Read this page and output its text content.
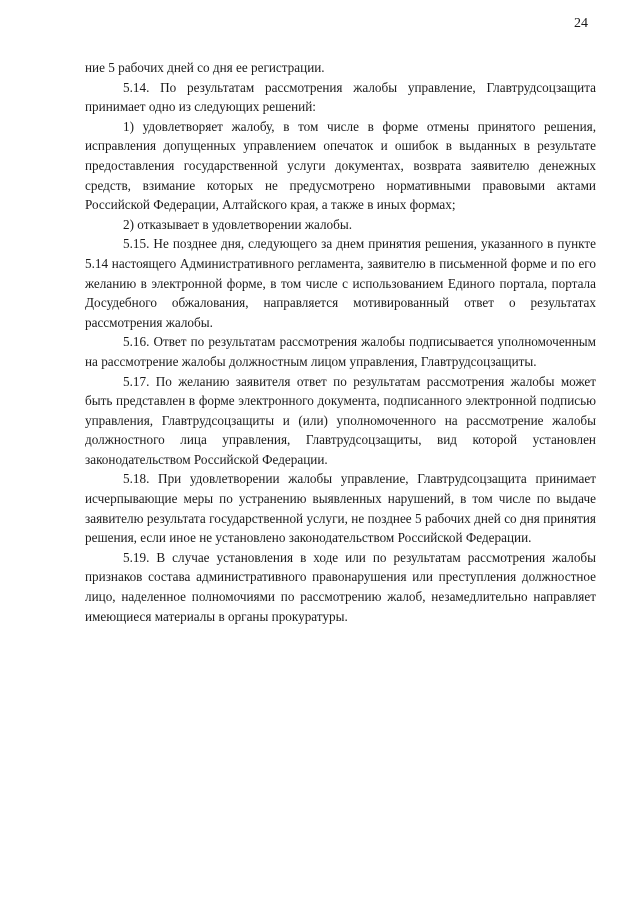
24

ние 5 рабочих дней со дня ее регистрации.

5.14. По результатам рассмотрения жалобы управление, Главтрудсоцзащита принимает одно из следующих решений:

1) удовлетворяет жалобу, в том числе в форме отмены принятого решения, исправления допущенных управлением опечаток и ошибок в выданных в результате предоставления государственной услуги документах, возврата заявителю денежных средств, взимание которых не предусмотрено нормативными правовыми актами Российской Федерации, Алтайского края, а также в иных формах;

2) отказывает в удовлетворении жалобы.

5.15. Не позднее дня, следующего за днем принятия решения, указанного в пункте 5.14 настоящего Административного регламента, заявителю в письменной форме и по его желанию в электронной форме, в том числе с использованием Единого портала, портала Досудебного обжалования, направляется мотивированный ответ о результатах рассмотрения жалобы.

5.16. Ответ по результатам рассмотрения жалобы подписывается уполномоченным на рассмотрение жалобы должностным лицом управления, Главтрудсоцзащиты.

5.17. По желанию заявителя ответ по результатам рассмотрения жалобы может быть представлен в форме электронного документа, подписанного электронной подписью управления, Главтрудсоцзащиты и (или) уполномоченного на рассмотрение жалобы должностного лица управления, Главтрудсоцзащиты, вид которой установлен законодательством Российской Федерации.

5.18. При удовлетворении жалобы управление, Главтрудсоцзащита принимает исчерпывающие меры по устранению выявленных нарушений, в том числе по выдаче заявителю результата государственной услуги, не позднее 5 рабочих дней со дня принятия решения, если иное не установлено законодательством Российской Федерации.

5.19. В случае установления в ходе или по результатам рассмотрения жалобы признаков состава административного правонарушения или преступления должностное лицо, наделенное полномочиями по рассмотрению жалоб, незамедлительно направляет имеющиеся материалы в органы прокуратуры.
